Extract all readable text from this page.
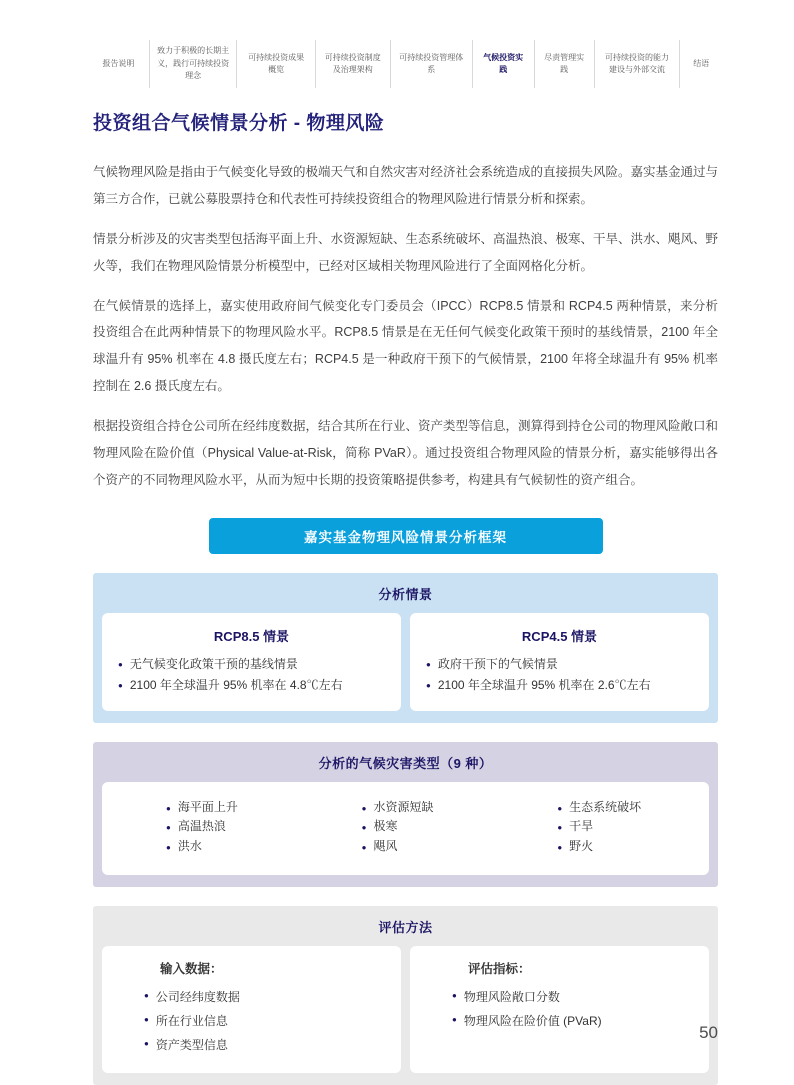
报告说明
致力于积极的长期主义，践行可持续投资理念
可持续投资成果概览
可持续投资制度及治理架构
可持续投资管理体系
气候投资实践
尽责管理实践
可持续投资的能力建设与外部交流
结语
投资组合气候情景分析 - 物理风险

气候物理风险是指由于气候变化导致的极端天气和自然灾害对经济社会系统造成的直接损失风险。嘉实基金通过与第三方合作，已就公募股票持仓和代表性可持续投资组合的物理风险进行情景分析和探索。

情景分析涉及的灾害类型包括海平面上升、水资源短缺、生态系统破坏、高温热浪、极寒、干旱、洪水、飓风、野火等，我们在物理风险情景分析模型中，已经对区域相关物理风险进行了全面网格化分析。

在气候情景的选择上，嘉实使用政府间气候变化专门委员会（IPCC）RCP8.5 情景和 RCP4.5 两种情景，来分析投资组合在此两种情景下的物理风险水平。RCP8.5 情景是在无任何气候变化政策干预时的基线情景，2100 年全球温升有 95% 机率在 4.8 摄氏度左右；RCP4.5 是一种政府干预下的气候情景，2100 年将全球温升有 95% 机率控制在 2.6 摄氏度左右。

根据投资组合持仓公司所在经纬度数据，结合其所在行业、资产类型等信息，测算得到持仓公司的物理风险敞口和物理风险在险价值（Physical Value-at-Risk，简称 PVaR）。通过投资组合物理风险的情景分析，嘉实能够得出各个资产的不同物理风险水平，从而为短中长期的投资策略提供参考，构建具有气候韧性的资产组合。

嘉实基金物理风险情景分析框架
分析情景
RCP8.5 情景
● 无气候变化政策干预的基线情景
● 2100 年全球温升 95% 机率在 4.8℃左右
RCP4.5 情景
● 政府干预下的气候情景
● 2100 年全球温升 95% 机率在 2.6℃左右
分析的气候灾害类型（9 种）
● 海平面上升
● 高温热浪
● 洪水
● 水资源短缺
● 极寒
● 飓风
● 生态系统破坏
● 干旱
● 野火
评估方法
输入数据：
● 公司经纬度数据
● 所在行业信息
● 资产类型信息
评估指标：
● 物理风险敞口分数
● 物理风险在险价值 (PVaR)
50
